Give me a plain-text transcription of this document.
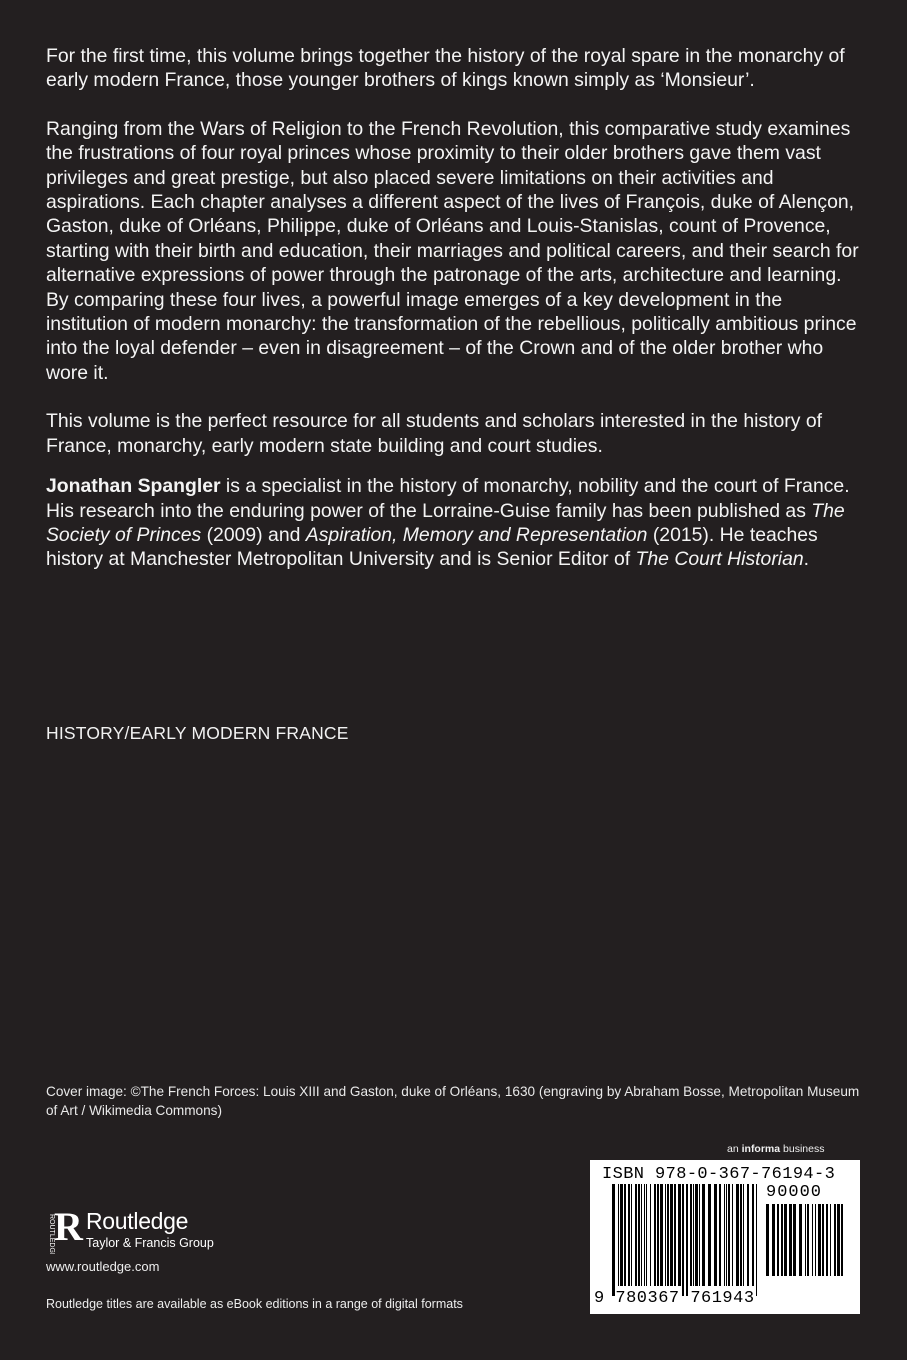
For the first time, this volume brings together the history of the royal spare in the monarchy of early modern France, those younger brothers of kings known simply as ‘Monsieur’.

Ranging from the Wars of Religion to the French Revolution, this comparative study examines the frustrations of four royal princes whose proximity to their older brothers gave them vast privileges and great prestige, but also placed severe limitations on their activities and aspirations. Each chapter analyses a different aspect of the lives of François, duke of Alençon, Gaston, duke of Orléans, Philippe, duke of Orléans and Louis-Stanislas, count of Provence, starting with their birth and education, their marriages and political careers, and their search for alternative expressions of power through the patronage of the arts, architecture and learning. By comparing these four lives, a powerful image emerges of a key development in the institution of modern monarchy: the transformation of the rebellious, politically ambitious prince into the loyal defender – even in disagreement – of the Crown and of the older brother who wore it.

This volume is the perfect resource for all students and scholars interested in the history of France, monarchy, early modern state building and court studies.

Jonathan Spangler is a specialist in the history of monarchy, nobility and the court of France. His research into the enduring power of the Lorraine-Guise family has been published as The Society of Princes (2009) and Aspiration, Memory and Representation (2015). He teaches history at Manchester Metropolitan University and is Senior Editor of The Court Historian.

HISTORY/EARLY MODERN FRANCE
Cover image: ©The French Forces: Louis XIII and Gaston, duke of Orléans, 1630 (engraving by Abraham Bosse, Metropolitan Museum of Art / Wikimedia Commons)
an informa business
ISBN 978-0-367-76194-3
90000
9 780367 761943
ROUTLEDGE R Routledge
Taylor & Francis Group
www.routledge.com
Routledge titles are available as eBook editions in a range of digital formats
